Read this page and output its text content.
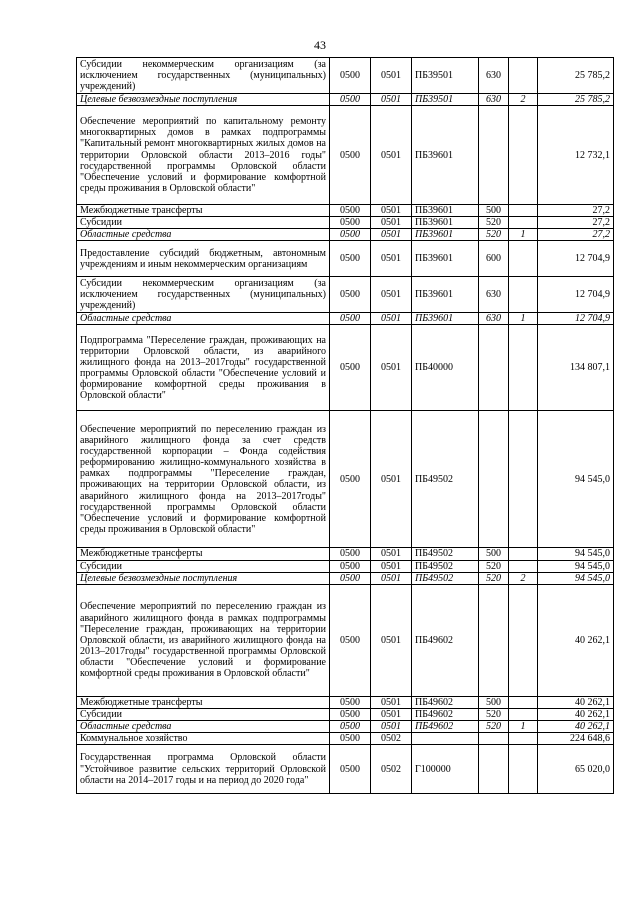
43
Субсидии некоммерческим организациям (за исключением государственных (муниципальных) учреждений)	0500	0501	ПБ39501	630		25 785,2
Целевые безвозмездные поступления	0500	0501	ПБ39501	630	2	25 785,2
Обеспечение мероприятий по капитальному ремонту многоквартирных домов в рамках подпрограммы "Капитальный ремонт многоквартирных жилых домов на территории Орловской области 2013–2016 годы" государственной программы Орловской области "Обеспечение условий и формирование комфортной среды проживания в Орловской области"	0500	0501	ПБ39601			12 732,1
Межбюджетные трансферты	0500	0501	ПБ39601	500		27,2
Субсидии	0500	0501	ПБ39601	520		27,2
Областные средства	0500	0501	ПБ39601	520	1	27,2
Предоставление субсидий бюджетным, автономным учреждениям и иным некоммерческим организациям	0500	0501	ПБ39601	600		12 704,9
Субсидии некоммерческим организациям (за исключением государственных (муниципальных) учреждений)	0500	0501	ПБ39601	630		12 704,9
Областные средства	0500	0501	ПБ39601	630	1	12 704,9
Подпрограмма "Переселение граждан, проживающих на территории Орловской области, из аварийного жилищного фонда на 2013–2017годы" государственной программы Орловской области "Обеспечение условий и формирование комфортной среды проживания в Орловской области"	0500	0501	ПБ40000			134 807,1
Обеспечение мероприятий по переселению граждан из аварийного жилищного фонда за счет средств государственной корпорации – Фонда содействия реформированию жилищно-коммунального хозяйства в рамках подпрограммы "Переселение граждан, проживающих на территории Орловской области, из аварийного жилищного фонда на 2013–2017годы" государственной программы Орловской области "Обеспечение условий и формирование комфортной среды проживания в Орловской области"	0500	0501	ПБ49502			94 545,0
Межбюджетные трансферты	0500	0501	ПБ49502	500		94 545,0
Субсидии	0500	0501	ПБ49502	520		94 545,0
Целевые безвозмездные поступления	0500	0501	ПБ49502	520	2	94 545,0
Обеспечение мероприятий по переселению граждан из аварийного жилищного фонда в рамках подпрограммы "Переселение граждан, проживающих на территории Орловской области, из аварийного жилищного фонда на 2013–2017годы" государственной программы Орловской области "Обеспечение условий и формирование комфортной среды проживания в Орловской области"	0500	0501	ПБ49602			40 262,1
Межбюджетные трансферты	0500	0501	ПБ49602	500		40 262,1
Субсидии	0500	0501	ПБ49602	520		40 262,1
Областные средства	0500	0501	ПБ49602	520	1	40 262,1
Коммунальное хозяйство	0500	0502				224 648,6
Государственная программа Орловской области "Устойчивое развитие сельских территорий Орловской области на 2014–2017 годы и на период до 2020 года"	0500	0502	Г100000			65 020,0
